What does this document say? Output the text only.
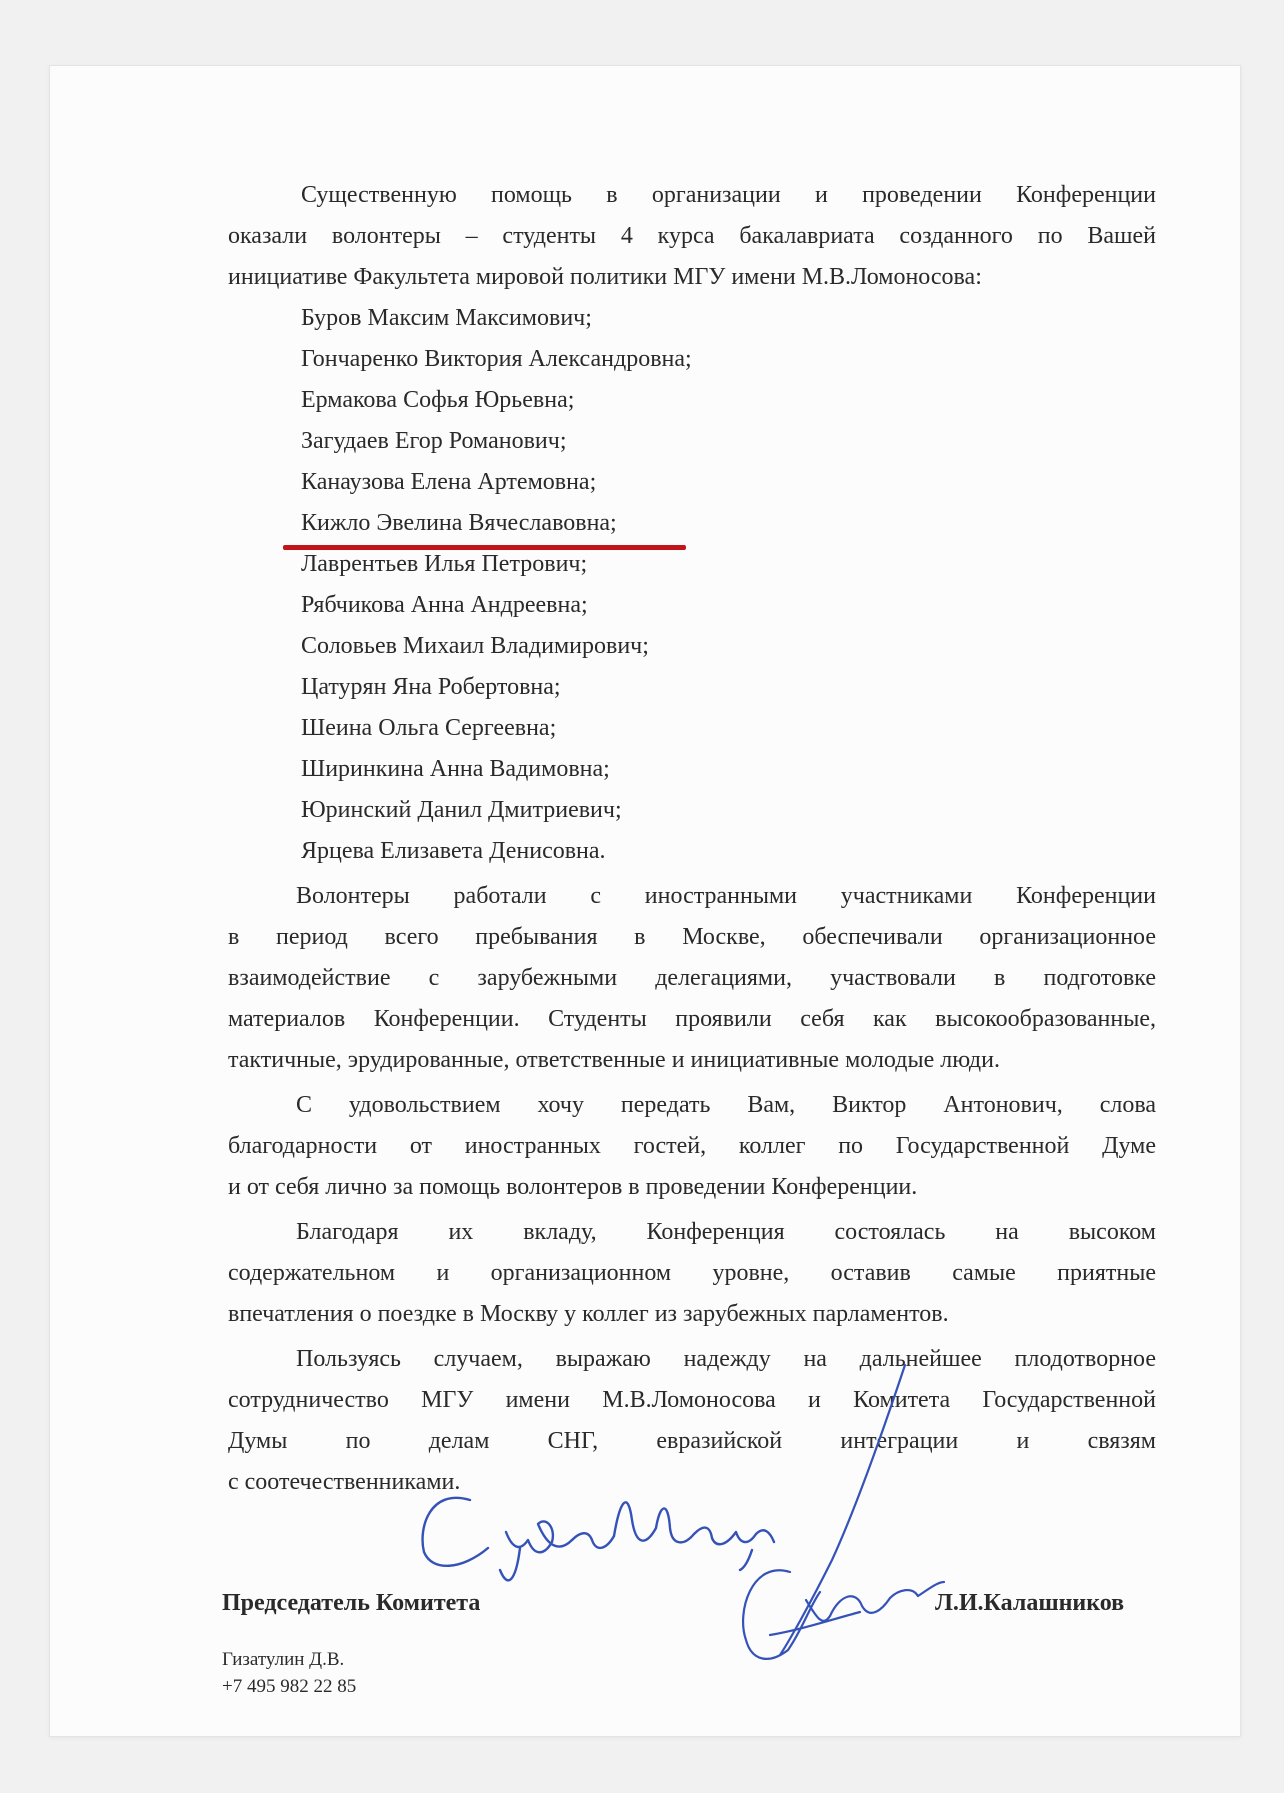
Существенную помощь в организации и проведении Конференции

оказали волонтеры – студенты 4 курса бакалавриата созданного по Вашей

инициативе Факультета мировой политики МГУ имени М.В.Ломоносова:

Буров Максим Максимович;

Гончаренко Виктория Александровна;

Ермакова Софья Юрьевна;

Загудаев Егор Романович;

Канаузова Елена Артемовна;

Кижло Эвелина Вячеславовна;

Лаврентьев Илья Петрович;

Рябчикова Анна Андреевна;

Соловьев Михаил Владимирович;

Цатурян Яна Робертовна;

Шеина Ольга Сергеевна;

Ширинкина Анна Вадимовна;

Юринский Данил Дмитриевич;

Ярцева Елизавета Денисовна.

Волонтеры работали с иностранными участниками Конференции

в период всего пребывания в Москве, обеспечивали организационное

взаимодействие с зарубежными делегациями, участвовали в подготовке

материалов Конференции. Студенты проявили себя как высокообразованные,

тактичные, эрудированные, ответственные и инициативные молодые люди.

С удовольствием хочу передать Вам, Виктор Антонович, слова

благодарности от иностранных гостей, коллег по Государственной Думе

и от себя лично за помощь волонтеров в проведении Конференции.

Благодаря их вкладу, Конференция состоялась на высоком

содержательном и организационном уровне, оставив самые приятные

впечатления о поездке в Москву у коллег из зарубежных парламентов.

Пользуясь случаем, выражаю надежду на дальнейшее плодотворное

сотрудничество МГУ имени М.В.Ломоносова и Комитета Государственной

Думы по делам СНГ, евразийской интеграции и связям

с соотечественниками.

Председатель Комитета	Л.И.Калашников

Гизатулин Д.В.

+7 495 982 22 85
